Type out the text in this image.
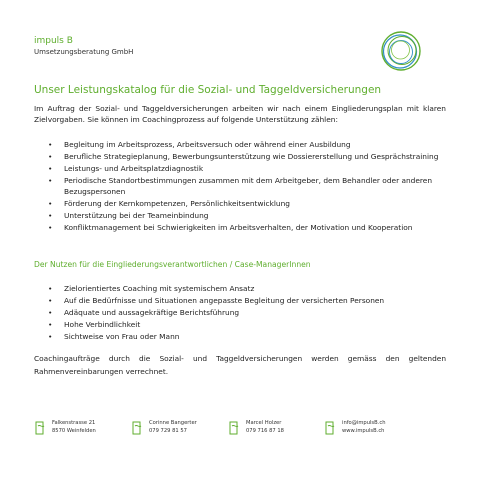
impuls B
Umsetzungsberatung GmbH
Unser Leistungskatalog für die Sozial- und Taggeldversicherungen
Im Auftrag der Sozial- und Taggeldversicherungen arbeiten wir nach einem Eingliederungsplan mit klaren Zielvorgaben. Sie können im Coachingprozess auf folgende Unterstützung zählen:
• Begleitung im Arbeitsprozess, Arbeitsversuch oder während einer Ausbildung
• Berufliche Strategieplanung, Bewerbungsunterstützung wie Dossiererstellung und Gesprächstraining
• Leistungs- und Arbeitsplatzdiagnostik
• Periodische Standortbestimmungen zusammen mit dem Arbeitgeber, dem Behandler oder anderen Bezugspersonen
• Förderung der Kernkompetenzen, Persönlichkeitsentwicklung
• Unterstützung bei der Teameinbindung
• Konfliktmanagement bei Schwierigkeiten im Arbeitsverhalten, der Motivation und Kooperation
Der Nutzen für die Eingliederungsverantwortlichen / Case-ManagerInnen
• Zielorientiertes Coaching mit systemischem Ansatz
• Auf die Bedürfnisse und Situationen angepasste Begleitung der versicherten Personen
• Adäquate und aussagekräftige Berichtsführung
• Hohe Verbindlichkeit
• Sichtweise von Frau oder Mann
Coachingaufträge durch die Sozial- und Taggeldversicherungen werden gemäss den geltenden Rahmenvereinbarungen verrechnet.
Falkenstrasse 21
8570 Weinfelden
Corinne Bangerter
079 729 81 57
Marcel Holzer
079 716 87 18
info@impulsB.ch
www.impulsB.ch
